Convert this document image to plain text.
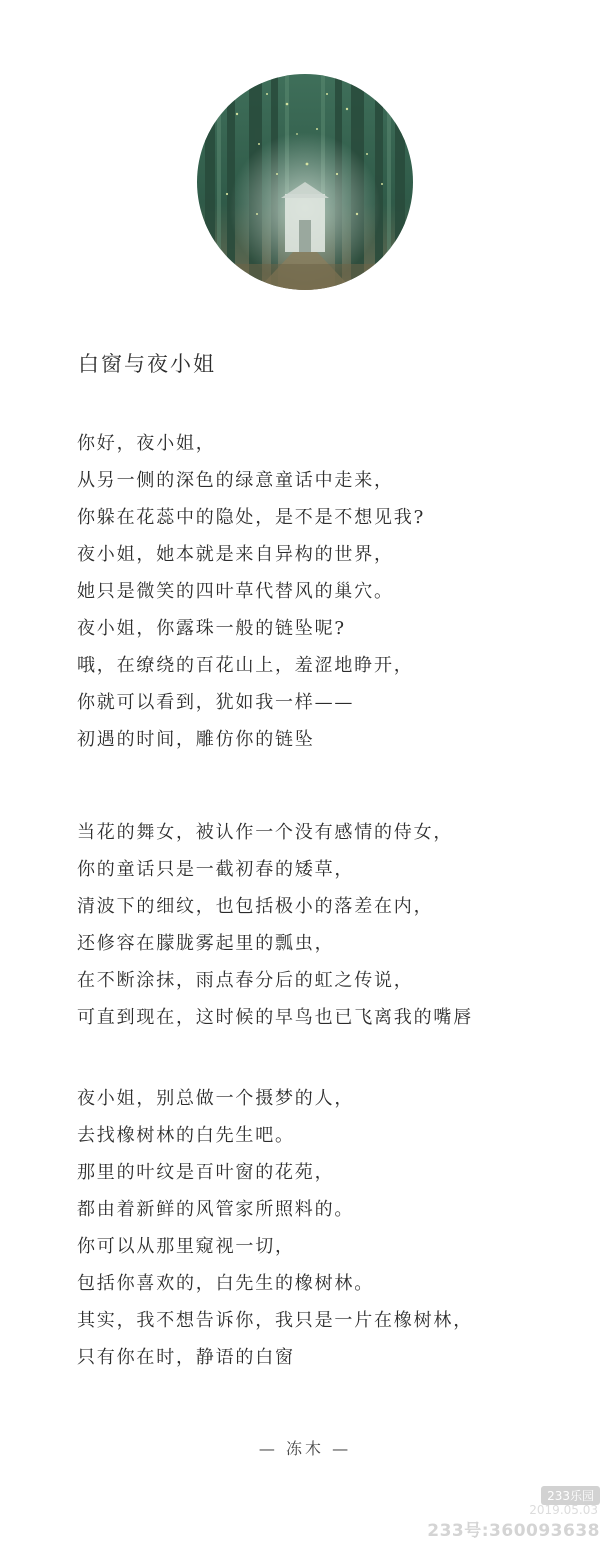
白窗与夜小姐
你好，夜小姐，
从另一侧的深色的绿意童话中走来，
你躲在花蕊中的隐处，是不是不想见我?
夜小姐，她本就是来自异构的世界，
她只是微笑的四叶草代替风的巢穴。
夜小姐，你露珠一般的链坠呢?
哦，在缭绕的百花山上，羞涩地睁开，
你就可以看到，犹如我一样——
初遇的时间，雕仿你的链坠
当花的舞女，被认作一个没有感情的侍女，
你的童话只是一截初春的矮草，
清波下的细纹，也包括极小的落差在内，
还修容在朦胧雾起里的瓢虫，
在不断涂抹，雨点春分后的虹之传说，
可直到现在，这时候的早鸟也已飞离我的嘴唇
夜小姐，别总做一个摄梦的人，
去找橡树林的白先生吧。
那里的叶纹是百叶窗的花苑，
都由着新鲜的风管家所照料的。
你可以从那里窥视一切，
包括你喜欢的，白先生的橡树林。
其实，我不想告诉你，我只是一片在橡树林，
只有你在时，静语的白窗
— 冻木 —
233乐园
2019.05.03
233号:360093638
